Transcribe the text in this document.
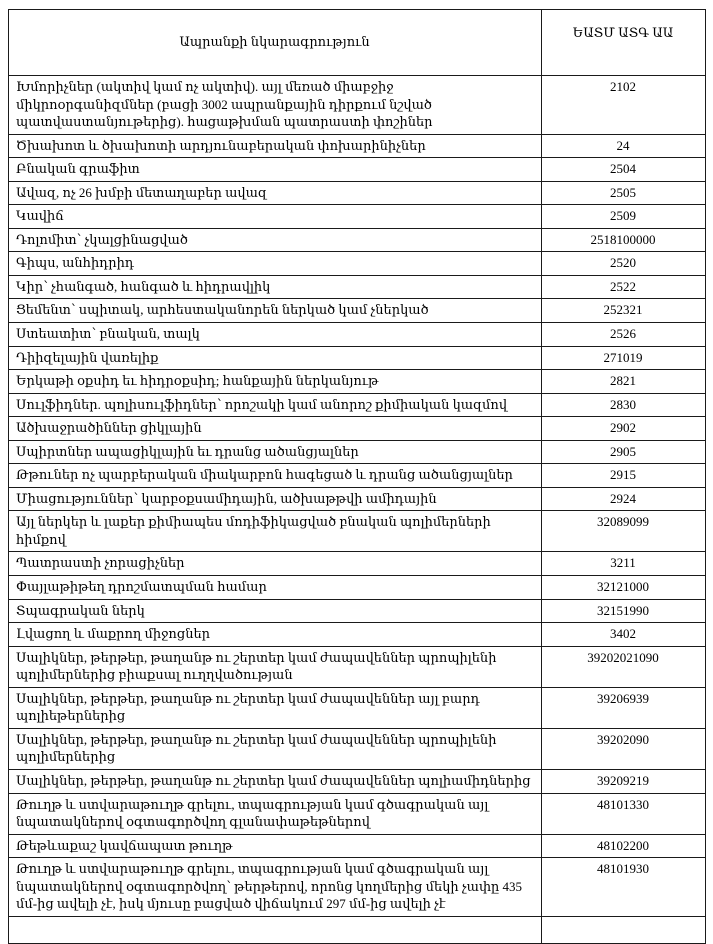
Ապրանքի նկարագրություն	ԵԱՏՄ ԱՏԳ ԱԱ
Խմորիչներ (ակտիվ կամ ոչ ակտիվ). այլ մեռած միաբջիջ միկրոօրգանիզմներ (բացի 3002 ապրանքային դիրքում նշված պատվաստանյութերից). հացաթխման պատրաստի փոշիներ	2102
Ծխախոտ և ծխախոտի արդյունաբերական փոխարինիչներ	24
Բնական գրաֆիտ	2504
Ավազ, ոչ 26 խմբի մետաղաբեր ավազ	2505
Կավիճ	2509
Դոլոմիտ՝ չկալցինացված	2518100000
Գիպս, անհիդրիդ	2520
Կիր՝ չհանգած, հանգած և հիդրավլիկ	2522
Ցեմենտ՝ սպիտակ, արհեստականորեն ներկած կամ չներկած	252321
Ստեատիտ՝ բնական, տալկ	2526
Դիիզելային վառելիք	271019
Երկաթի օքսիդ եւ հիդրօքսիդ; հանքային ներկանյութ	2821
Սուլֆիդներ. պոլիսուլֆիդներ՝ որոշակի կամ անորոշ քիմիական կազմով	2830
Ածխաջրածիններ ցիկլային	2902
Սպիրտներ ապացիկլային եւ դրանց ածանցյալներ	2905
Թթուներ ոչ պարբերական միակարբոն հագեցած և դրանց ածանցյալներ	2915
Միացություններ՝ կարբօքսամիդային, ածխաթթվի ամիդային	2924
Այլ ներկեր և լաքեր քիմիապես մոդիֆիկացված բնական պոլիմերների հիմքով	32089099
Պատրաստի չորացիչներ	3211
Փայլաթիթեղ դրոշմատպման համար	32121000
Տպագրական ներկ	32151990
Լվացող և մաքրող միջոցներ	3402
Սալիկներ, թերթեր, թաղանթ ու շերտեր կամ ժապավեններ պրոպիլենի պոլիմերներից բիաքսալ ուղղվածության	39202021090
Սալիկներ, թերթեր, թաղանթ ու շերտեր կամ ժապավեններ այլ բարդ պոլիեթերներից	39206939
Սալիկներ, թերթեր, թաղանթ ու շերտեր կամ ժապավեններ պրոպիլենի պոլիմերներից	39202090
Սալիկներ, թերթեր, թաղանթ ու շերտեր կամ ժապավեններ պոլիամիդներից	39209219
Թուղթ և ստվարաթուղթ գրելու, տպագրության կամ գծագրական այլ նպատակներով օգտագործվող գլանափաթեթներով	48101330
Թեթևաքաշ կավճապատ թուղթ	48102200
Թուղթ և ստվարաթուղթ գրելու, տպագրության կամ գծագրական այլ նպատակներով օգտագործվող՝ թերթերով, որոնց կողմերից մեկի չափը 435 մմ-ից ավելի չէ, իսկ մյուսը բացված վիճակում 297 մմ-ից ավելի չէ	48101930
